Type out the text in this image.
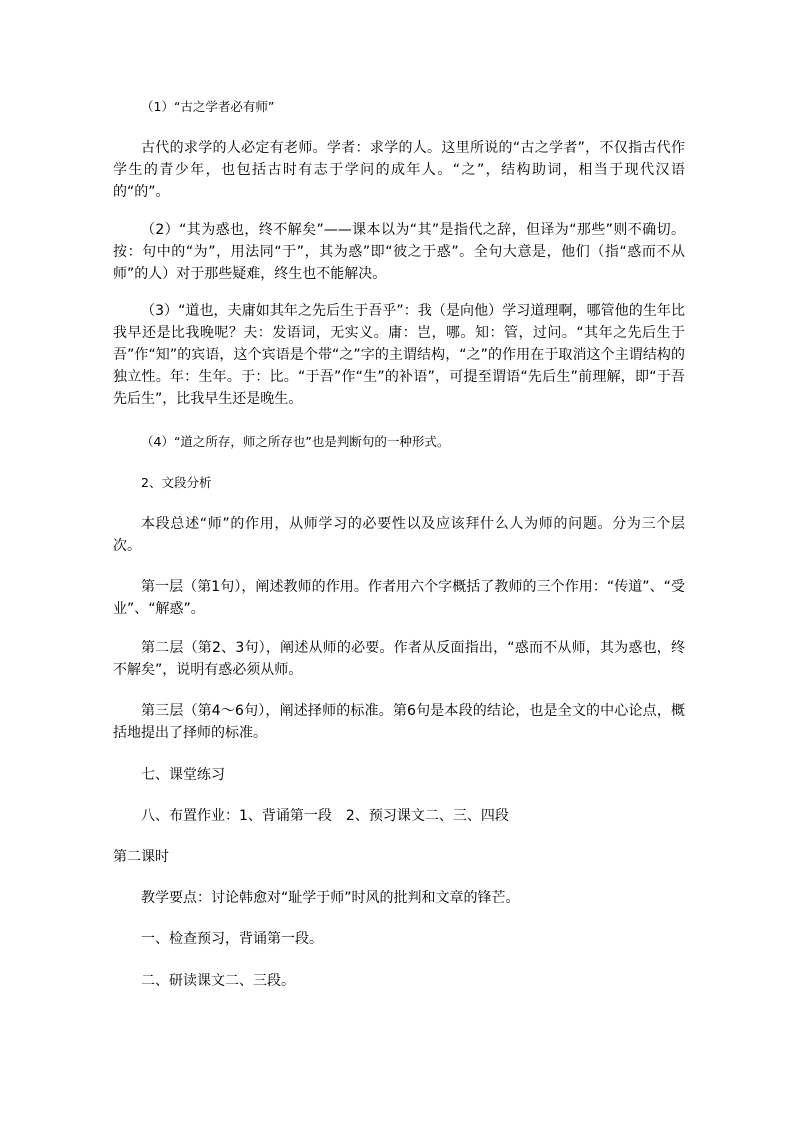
（1）“古之学者必有师”

古代的求学的人必定有老师。学者：求学的人。这里所说的“古之学者”，不仅指古代作学生的青少年，也包括古时有志于学问的成年人。“之”，结构助词，相当于现代汉语的“的”。

（2）“其为惑也，终不解矣”——课本以为“其”是指代之辞，但译为“那些”则不确切。按：句中的“为”，用法同“于”，其为惑”即“彼之于惑”。全句大意是，他们（指“惑而不从师”的人）对于那些疑难，终生也不能解决。

（3）“道也，夫庸如其年之先后生于吾乎”：我（是向他）学习道理啊，哪管他的生年比我早还是比我晚呢？夫：发语词，无实义。庸：岂，哪。知：管，过问。“其年之先后生于吾”作“知”的宾语，这个宾语是个带“之”字的主谓结构，“之”的作用在于取消这个主谓结构的独立性。年：生年。于：比。“于吾”作“生”的补语”，可提至谓语“先后生”前理解，即“于吾先后生”，比我早生还是晚生。

（4）“道之所存，师之所存也”也是判断句的一种形式。

2、文段分析

本段总述“师”的作用，从师学习的必要性以及应该拜什么人为师的问题。分为三个层次。

第一层（第1句），阐述教师的作用。作者用六个字概括了教师的三个作用：“传道”、“受业”、“解惑”。

第二层（第2、3句），阐述从师的必要。作者从反面指出，“惑而不从师，其为惑也，终不解矣”，说明有惑必须从师。

第三层（第4～6句），阐述择师的标准。第6句是本段的结论，也是全文的中心论点，概括地提出了择师的标准。

七、课堂练习

八、布置作业：1、背诵第一段　2、预习课文二、三、四段

第二课时

教学要点：讨论韩愈对“耻学于师”时风的批判和文章的锋芒。

一、检查预习，背诵第一段。

二、研读课文二、三段。
